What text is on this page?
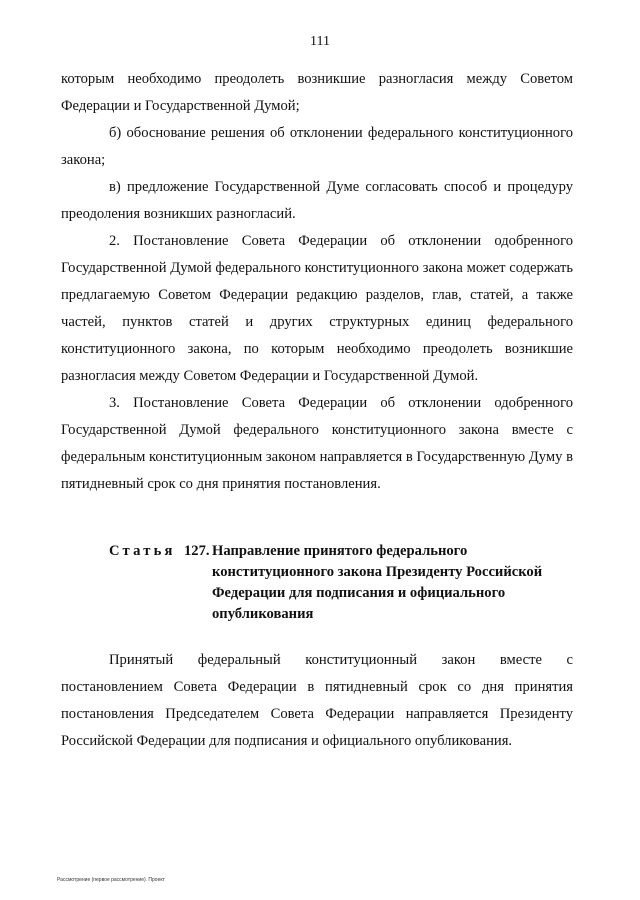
111

которым необходимо преодолеть возникшие разногласия между Советом Федерации и Государственной Думой;

б) обоснование решения об отклонении федерального конституционного закона;

в) предложение Государственной Думе согласовать способ и процедуру преодоления возникших разногласий.

2. Постановление Совета Федерации об отклонении одобренного Государственной Думой федерального конституционного закона может содержать предлагаемую Советом Федерации редакцию разделов, глав, статей, а также частей, пунктов статей и других структурных единиц федерального конституционного закона, по которым необходимо преодолеть возникшие разногласия между Советом Федерации и Государственной Думой.

3. Постановление Совета Федерации об отклонении одобренного Государственной Думой федерального конституционного закона вместе с федеральным конституционным законом направляется в Государственную Думу в пятидневный срок со дня принятия постановления.

Статья 127. Направление принятого федерального
конституционного закона Президенту Российской
Федерации для подписания и официального
опубликования

Принятый федеральный конституционный закон вместе с постановлением Совета Федерации в пятидневный срок со дня принятия постановления Председателем Совета Федерации направляется Президенту Российской Федерации для подписания и официального опубликования.

Рассмотрение (первое рассмотрение). Проект
